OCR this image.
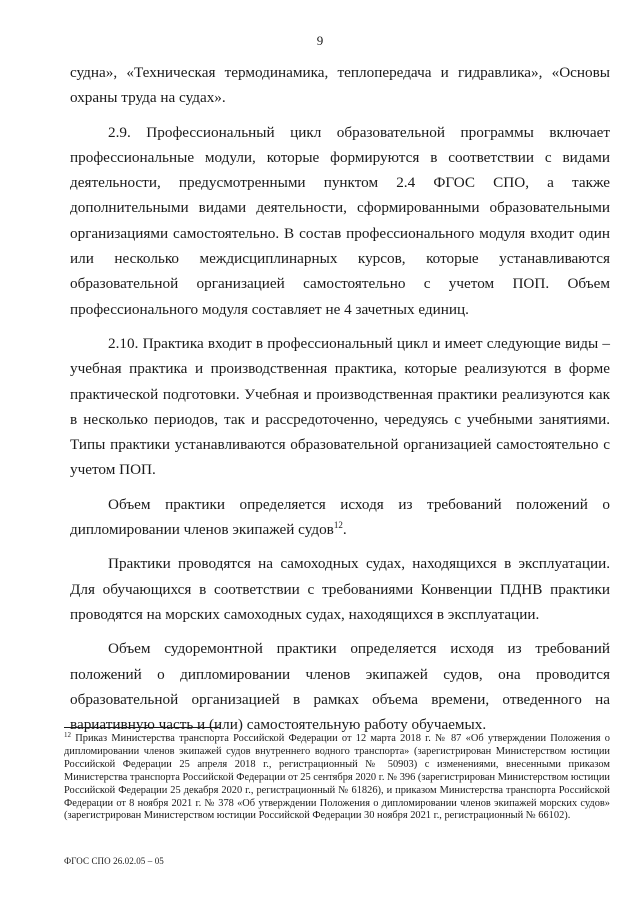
9

судна», «Техническая термодинамика, теплопередача и гидравлика», «Основы охраны труда на судах».

2.9. Профессиональный цикл образовательной программы включает профессиональные модули, которые формируются в соответствии с видами деятельности, предусмотренными пунктом 2.4 ФГОС СПО, а также дополнительными видами деятельности, сформированными образовательными организациями самостоятельно. В состав профессионального модуля входит один или несколько междисциплинарных курсов, которые устанавливаются образовательной организацией самостоятельно с учетом ПОП. Объем профессионального модуля составляет не 4 зачетных единиц.

2.10. Практика входит в профессиональный цикл и имеет следующие виды – учебная практика и производственная практика, которые реализуются в форме практической подготовки. Учебная и производственная практики реализуются как в несколько периодов, так и рассредоточенно, чередуясь с учебными занятиями. Типы практики устанавливаются образовательной организацией самостоятельно с учетом ПОП.

Объем практики определяется исходя из требований положений о дипломировании членов экипажей судов$^{12}$.

Практики проводятся на самоходных судах, находящихся в эксплуатации. Для обучающихся в соответствии с требованиями Конвенции ПДНВ практики проводятся на морских самоходных судах, находящихся в эксплуатации.

Объем судоремонтной практики определяется исходя из требований положений о дипломировании членов экипажей судов, она проводится образовательной организацией в рамках объема времени, отведенного на вариативную часть и (или) самостоятельную работу обучаемых.

$^{12}$ Приказ Министерства транспорта Российской Федерации от 12 марта 2018 г. № 87 «Об утверждении Положения о дипломировании членов экипажей судов внутреннего водного транспорта» (зарегистрирован Министерством юстиции Российской Федерации 25 апреля 2018 г., регистрационный № 50903) с изменениями, внесенными приказом Министерства транспорта Российской Федерации от 25 сентября 2020 г. № 396 (зарегистрирован Министерством юстиции Российской Федерации 25 декабря 2020 г., регистрационный № 61826), и приказом Министерства транспорта Российской Федерации от 8 ноября 2021 г. № 378 «Об утверждении Положения о дипломировании членов экипажей морских судов» (зарегистрирован Министерством юстиции Российской Федерации 30 ноября 2021 г., регистрационный № 66102).
ФГОС СПО 26.02.05 – 05
